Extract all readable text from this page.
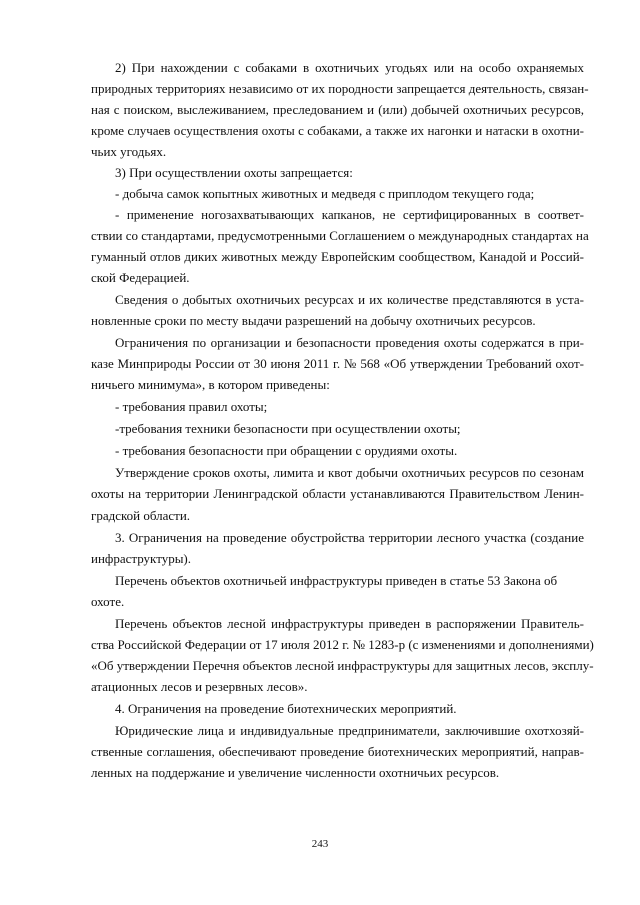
2) При нахождении с собаками в охотничьих угодьях или на особо охраняемых
природных территориях независимо от их породности запрещается деятельность, связан-
ная с поиском, выслеживанием, преследованием и (или) добычей охотничьих ресурсов,
кроме случаев осуществления охоты с собаками, а также их нагонки и натаски в охотни-
чьих угодьях.
3) При осуществлении охоты запрещается:
- добыча самок копытных животных и медведя с приплодом текущего года;
- применение ногозахватывающих капканов, не сертифицированных в соответ-
ствии со стандартами, предусмотренными Соглашением о международных стандартах на
гуманный отлов диких животных между Европейским сообществом, Канадой и Россий-
ской Федерацией.
Сведения о добытых охотничьих ресурсах и их количестве представляются в уста-
новленные сроки по месту выдачи разрешений на добычу охотничьих ресурсов.
Ограничения по организации и безопасности проведения охоты содержатся в при-
казе Минприроды России от 30 июня 2011 г. № 568 «Об утверждении Требований охот-
ничьего минимума», в котором приведены:
- требования правил охоты;
-требования техники безопасности при осуществлении охоты;
- требования безопасности при обращении с орудиями охоты.
Утверждение сроков охоты, лимита и квот добычи охотничьих ресурсов по сезонам
охоты на территории Ленинградской области устанавливаются Правительством Ленин-
градской области.
3. Ограничения на проведение обустройства территории лесного участка (создание
инфраструктуры).
Перечень объектов охотничьей инфраструктуры приведен в статье 53 Закона об
охоте.
Перечень объектов лесной инфраструктуры приведен в распоряжении Правитель-
ства Российской Федерации от 17 июля 2012 г. № 1283-р (с изменениями и дополнениями)
«Об утверждении Перечня объектов лесной инфраструктуры для защитных лесов, эксплу-
атационных лесов и резервных лесов».
4. Ограничения на проведение биотехнических мероприятий.
Юридические лица и индивидуальные предприниматели, заключившие охотхозяй-
ственные соглашения, обеспечивают проведение биотехнических мероприятий, направ-
ленных на поддержание и увеличение численности охотничьих ресурсов.
243
